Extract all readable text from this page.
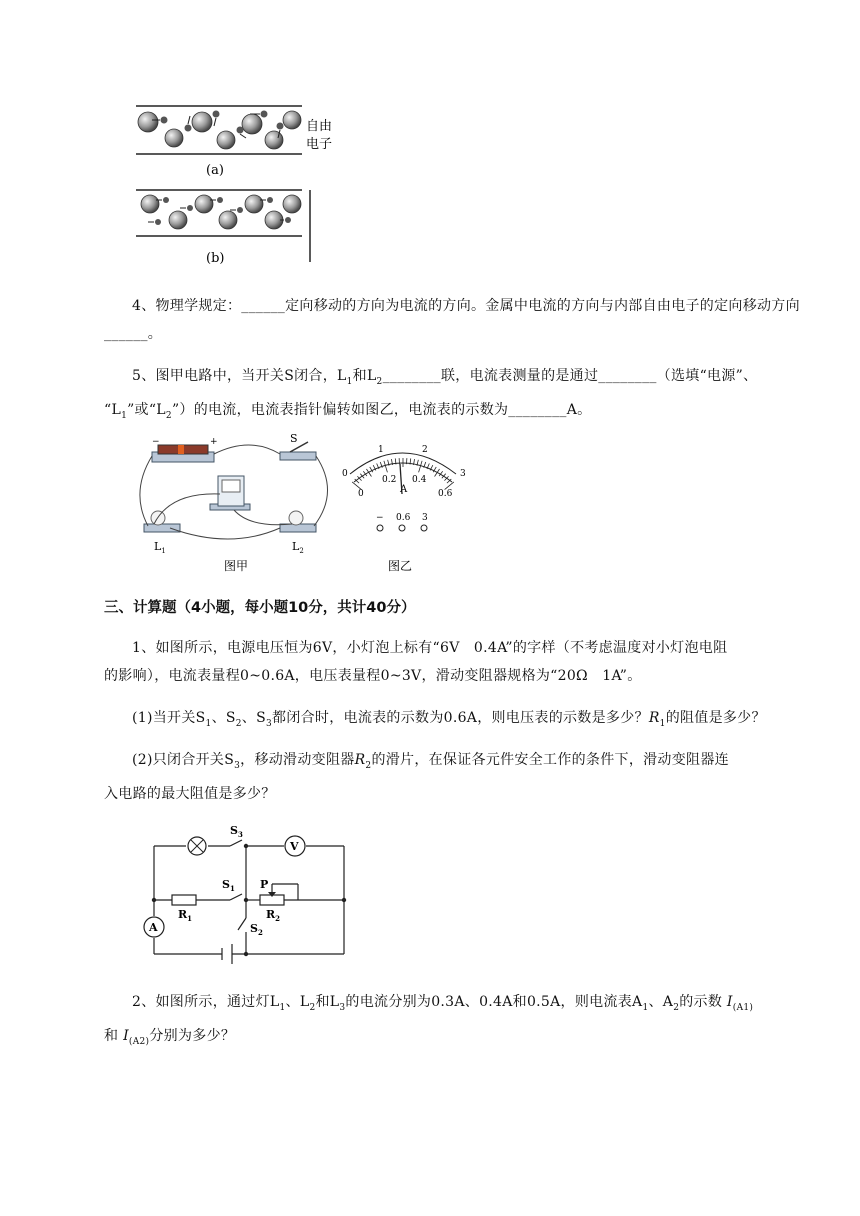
自由
电子
(a)
(b)
4、物理学规定：______定向移动的方向为电流的方向。金属中电流的方向与内部自由电子的定向移动方向______。
5、图甲电路中，当开关S闭合，$L_1$和$L_2\_\_\_\_\_\_\_\_$联，电流表测量的是通过________（选填“电源”、
“$L_1$”或“$L_2$”）的电流，电流表指针偏转如图乙，电流表的示数为________A。
−	+	S
$L_1$	$L_2$
图甲
0
1	2
3
0
0.2 0.4
0.6
A
− 0.6 3
图乙
三、计算题（4小题，每小题10分，共计40分）
1、如图所示，电源电压恒为6V，小灯泡上标有“6V　0.4A”的字样（不考虑温度对小灯泡电阻
的影响），电流表量程0~0.6A，电压表量程0~3V，滑动变阻器规格为“20Ω　1A”。
(1)当开关$S_1$、$S_2$、$S_3$都闭合时，电流表的示数为0.6A，则电压表的示数是多少？$R_1$的阻值是多少？
(2)只闭合开关$S_3$，移动滑动变阻器$R_2$的滑片，在保证各元件安全工作的条件下，滑动变阻器连
入电路的最大阻值是多少？
V
A
$S_3$
$S_1$
$S_2$
$R_1$	$R_2$
P
2、如图所示，通过灯$L_1$、$L_2$和$L_3$的电流分别为0.3A、0.4A和0.5A，则电流表$A_1$、$A_2$的示数 $I_{(A1)}$
和 $I_{(A2)}$分别为多少？
